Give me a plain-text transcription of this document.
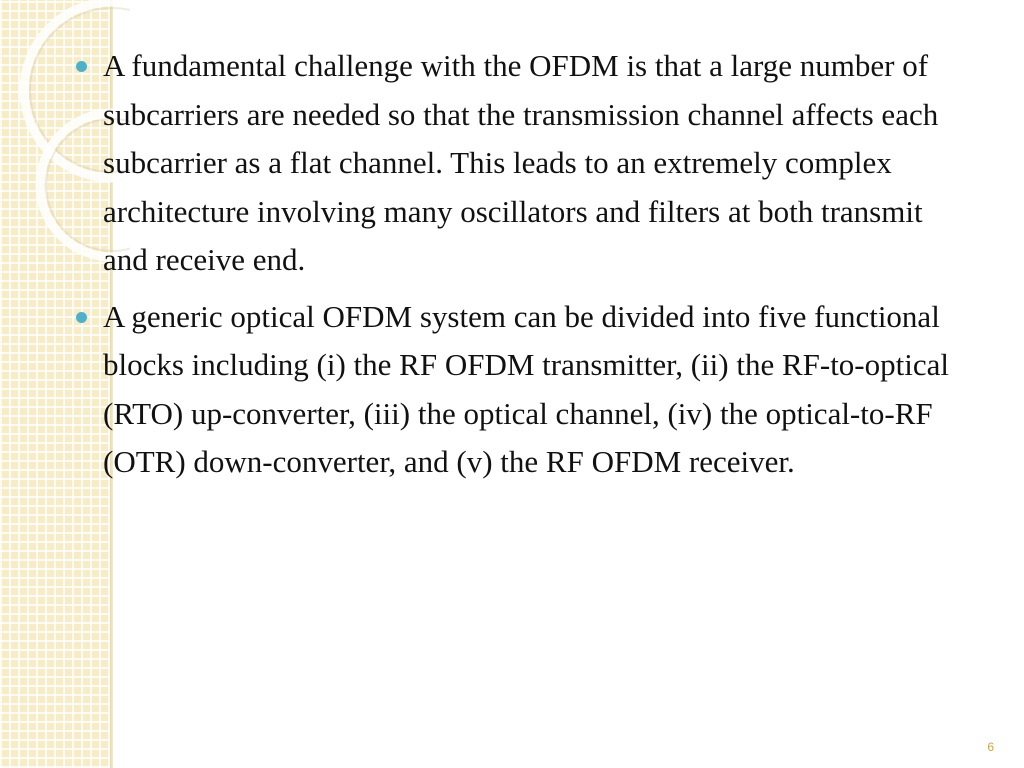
A fundamental challenge with the OFDM is that a large number of subcarriers are needed so that the transmission channel affects each subcarrier as a flat channel. This leads to an extremely complex architecture involving many oscillators and filters at both transmit and receive end.
A generic optical OFDM system can be divided into five functional blocks including (i) the RF OFDM transmitter, (ii) the RF-to-optical (RTO) up-converter, (iii) the optical channel, (iv) the optical-to-RF (OTR) down-converter, and (v) the RF OFDM receiver.
6
